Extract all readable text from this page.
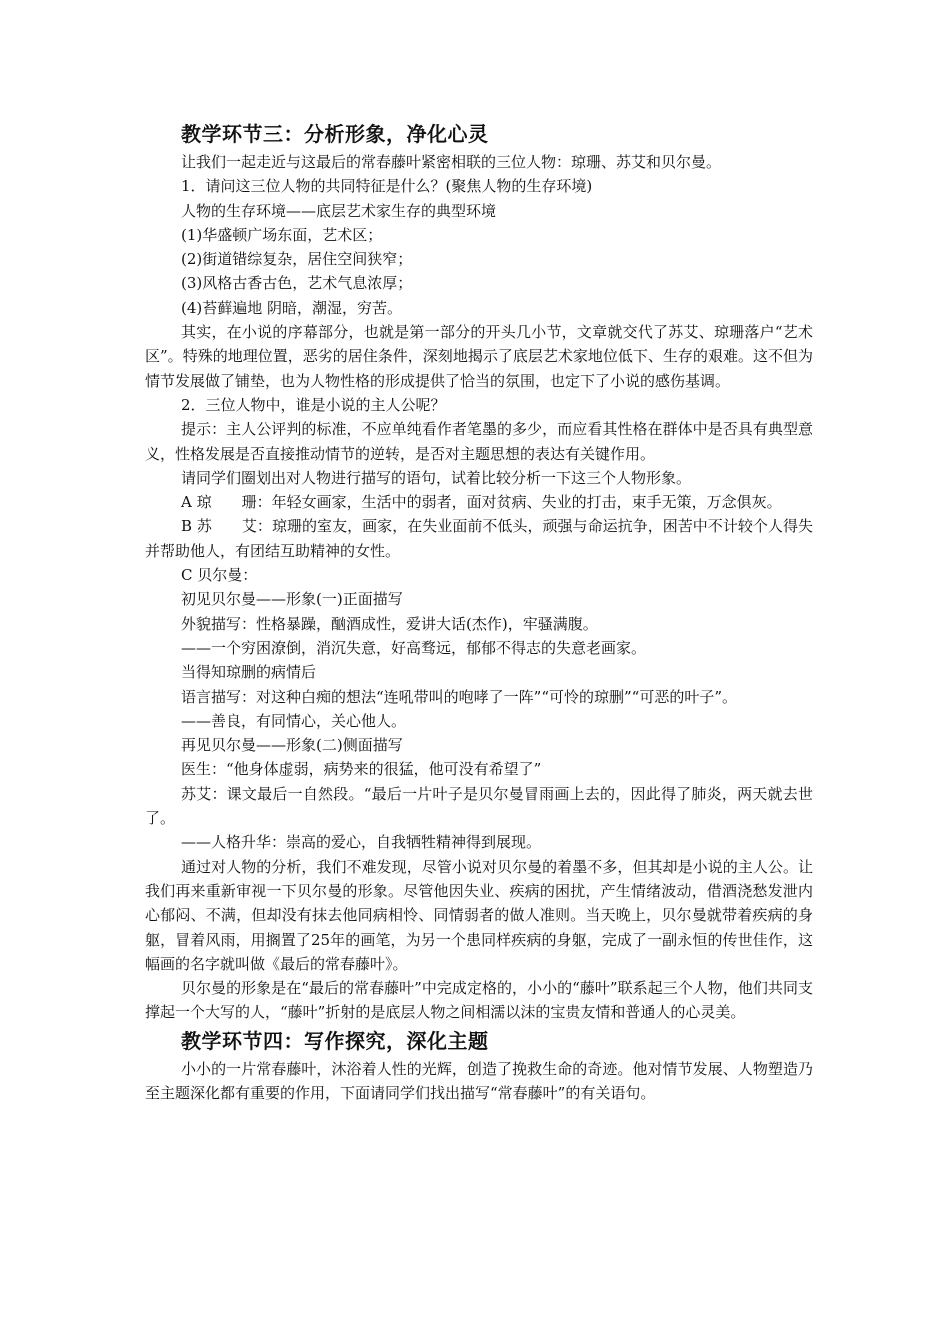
教学环节三：分析形象，净化心灵

让我们一起走近与这最后的常春藤叶紧密相联的三位人物：琼珊、苏艾和贝尔曼。

1．请问这三位人物的共同特征是什么？(聚焦人物的生存环境)

人物的生存环境——底层艺术家生存的典型环境

(1)华盛顿广场东面，艺术区；

(2)街道错综复杂，居住空间狭窄；

(3)风格古香古色，艺术气息浓厚；

(4)苔藓遍地 阴暗，潮湿，穷苦。

其实，在小说的序幕部分，也就是第一部分的开头几小节，文章就交代了苏艾、琼珊落户“艺术区”。特殊的地理位置，恶劣的居住条件，深刻地揭示了底层艺术家地位低下、生存的艰难。这不但为情节发展做了铺垫，也为人物性格的形成提供了恰当的氛围，也定下了小说的感伤基调。

2．三位人物中，谁是小说的主人公呢？

提示：主人公评判的标准，不应单纯看作者笔墨的多少，而应看其性格在群体中是否具有典型意义，性格发展是否直接推动情节的逆转，是否对主题思想的表达有关键作用。

请同学们圈划出对人物进行描写的语句，试着比较分析一下这三个人物形象。

A 琼　　珊：年轻女画家，生活中的弱者，面对贫病、失业的打击，束手无策，万念俱灰。

B 苏　　艾：琼珊的室友，画家，在失业面前不低头，顽强与命运抗争，困苦中不计较个人得失并帮助他人，有团结互助精神的女性。

C 贝尔曼：

初见贝尔曼——形象(一)正面描写

外貌描写：性格暴躁，酗酒成性，爱讲大话(杰作)，牢骚满腹。

——一个穷困潦倒，消沉失意，好高骛远，郁郁不得志的失意老画家。

当得知琼删的病情后

语言描写：对这种白痴的想法“连吼带叫的咆哮了一阵”“可怜的琼删”“可恶的叶子”。

——善良，有同情心，关心他人。

再见贝尔曼——形象(二)侧面描写

医生：“他身体虚弱，病势来的很猛，他可没有希望了”

苏艾：课文最后一自然段。“最后一片叶子是贝尔曼冒雨画上去的，因此得了肺炎，两天就去世了。

——人格升华：崇高的爱心，自我牺牲精神得到展现。

通过对人物的分析，我们不难发现，尽管小说对贝尔曼的着墨不多，但其却是小说的主人公。让我们再来重新审视一下贝尔曼的形象。尽管他因失业、疾病的困扰，产生情绪波动，借酒浇愁发泄内心郁闷、不满，但却没有抹去他同病相怜、同情弱者的做人准则。当天晚上，贝尔曼就带着疾病的身躯，冒着风雨，用搁置了25年的画笔，为另一个患同样疾病的身躯，完成了一副永恒的传世佳作，这幅画的名字就叫做《最后的常春藤叶》。

贝尔曼的形象是在“最后的常春藤叶”中完成定格的，小小的“藤叶”联系起三个人物，他们共同支撑起一个大写的人，“藤叶”折射的是底层人物之间相濡以沫的宝贵友情和普通人的心灵美。

教学环节四：写作探究，深化主题

小小的一片常春藤叶，沐浴着人性的光辉，创造了挽救生命的奇迹。他对情节发展、人物塑造乃至主题深化都有重要的作用，下面请同学们找出描写“常春藤叶”的有关语句。
